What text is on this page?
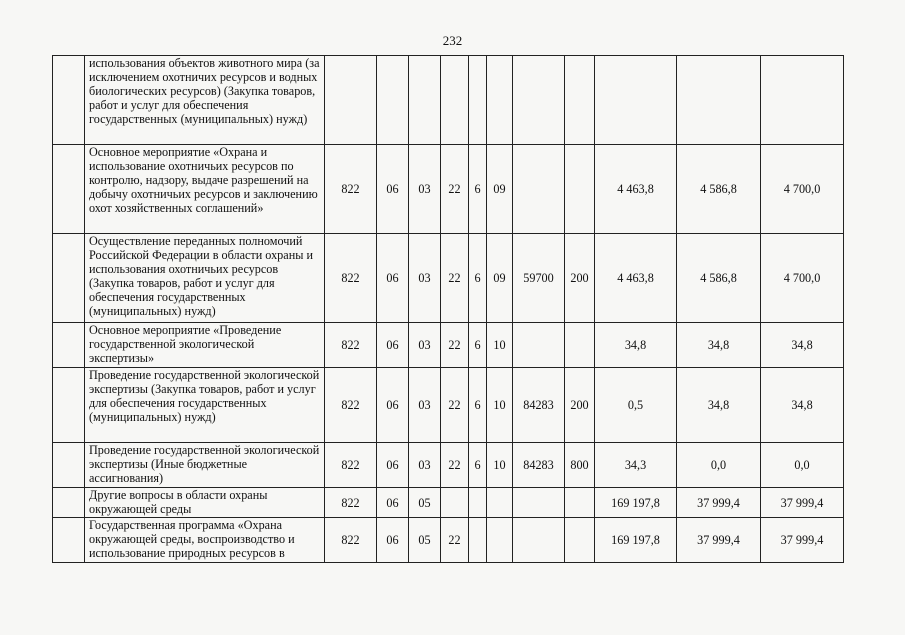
232
	использования объектов животного мира (за исключением охотничих ресурсов и водных биологических ресурсов) (Закупка товаров, работ и услуг для обеспечения государственных (муниципальных) нужд)											
	Основное мероприятие «Охрана и использование охотничьих ресурсов по контролю, надзору, выдаче разрешений на добычу охотничьих ресурсов и заключению охот хозяйственных соглашений»	822	06	03	22	6	09			4 463,8	4 586,8	4 700,0
	Осуществление переданных полномочий Российской Федерации в области охраны и использования охотничьих ресурсов (Закупка товаров, работ и услуг для обеспечения государственных (муниципальных) нужд)	822	06	03	22	6	09	59700	200	4 463,8	4 586,8	4 700,0
	Основное мероприятие «Проведение государственной экологической экспертизы»	822	06	03	22	6	10			34,8	34,8	34,8
	Проведение государственной экологической экспертизы (Закупка товаров, работ и услуг для обеспечения государственных (муниципальных) нужд)	822	06	03	22	6	10	84283	200	0,5	34,8	34,8
	Проведение государственной экологической экспертизы (Иные бюджетные ассигнования)	822	06	03	22	6	10	84283	800	34,3	0,0	0,0
	Другие вопросы в области охраны окружающей среды	822	06	05						169 197,8	37 999,4	37 999,4
	Государственная программа «Охрана окружающей среды, воспроизводство и использование природных ресурсов в	822	06	05	22					169 197,8	37 999,4	37 999,4
